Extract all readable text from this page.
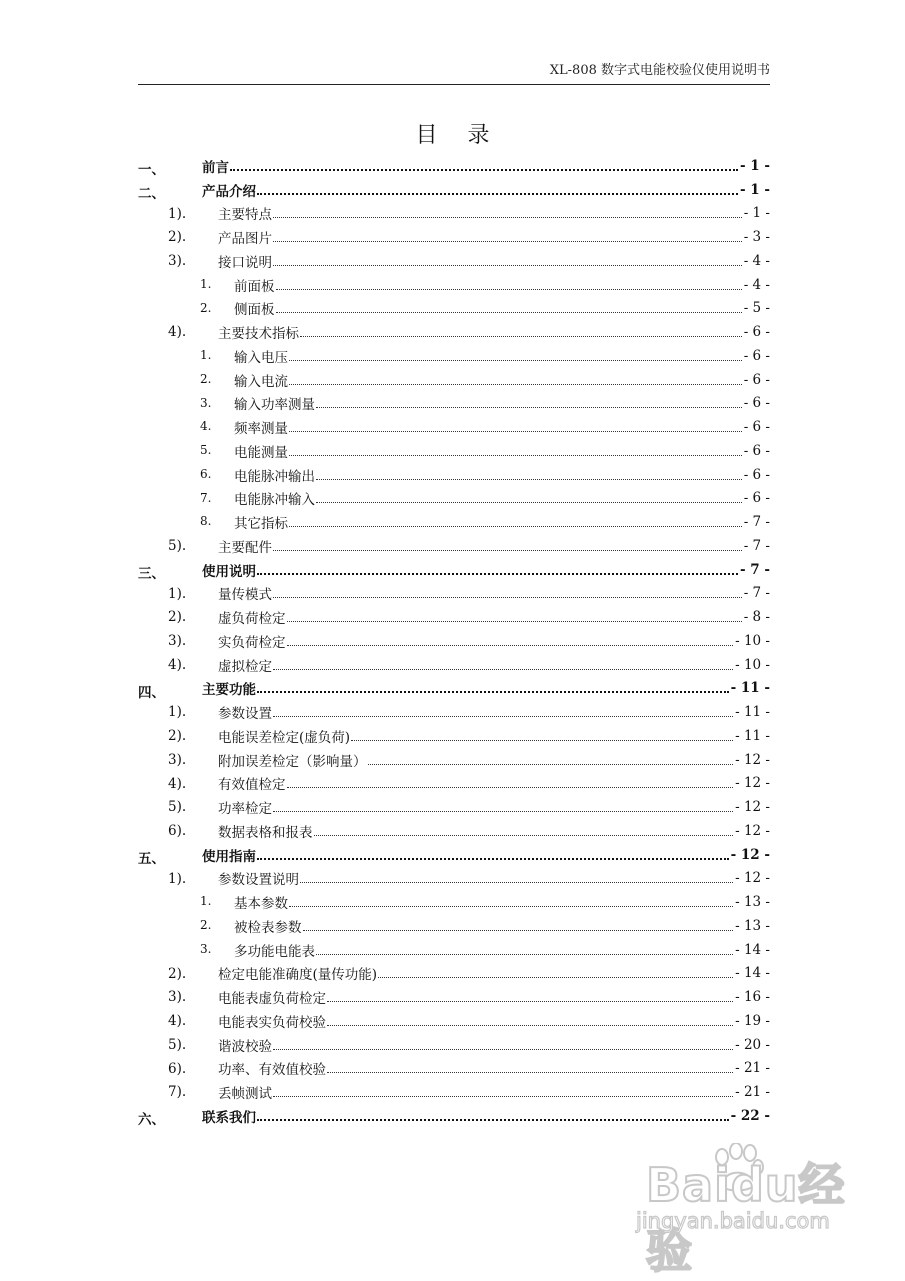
XL-808 数字式电能校验仪使用说明书
目录
一、	前言	- 1 -
二、	产品介绍	- 1 -
1). 主要特点	- 1 -
2). 产品图片	- 3 -
3). 接口说明	- 4 -
1. 前面板	- 4 -
2. 侧面板	- 5 -
4). 主要技术指标	- 6 -
1. 输入电压	- 6 -
2. 输入电流	- 6 -
3. 输入功率测量	- 6 -
4. 频率测量	- 6 -
5. 电能测量	- 6 -
6. 电能脉冲输出	- 6 -
7. 电能脉冲输入	- 6 -
8. 其它指标	- 7 -
5). 主要配件	- 7 -
三、	使用说明	- 7 -
1). 量传模式	- 7 -
2). 虚负荷检定	- 8 -
3). 实负荷检定	- 10 -
4). 虚拟检定	- 10 -
四、	主要功能	- 11 -
1). 参数设置	- 11 -
2). 电能误差检定(虚负荷)	- 11 -
3). 附加误差检定（影响量）	- 12 -
4). 有效值检定	- 12 -
5). 功率检定	- 12 -
6). 数据表格和报表	- 12 -
五、	使用指南	- 12 -
1). 参数设置说明	- 12 -
1. 基本参数	- 13 -
2. 被检表参数	- 13 -
3. 多功能电能表	- 14 -
2). 检定电能准确度(量传功能)	- 14 -
3). 电能表虚负荷检定	- 16 -
4). 电能表实负荷校验	- 19 -
5). 谐波校验	- 20 -
6). 功率、有效值校验	- 21 -
7). 丢帧测试	- 21 -
六、	联系我们	- 22 -
Baidu经验
jingyan.baidu.com
